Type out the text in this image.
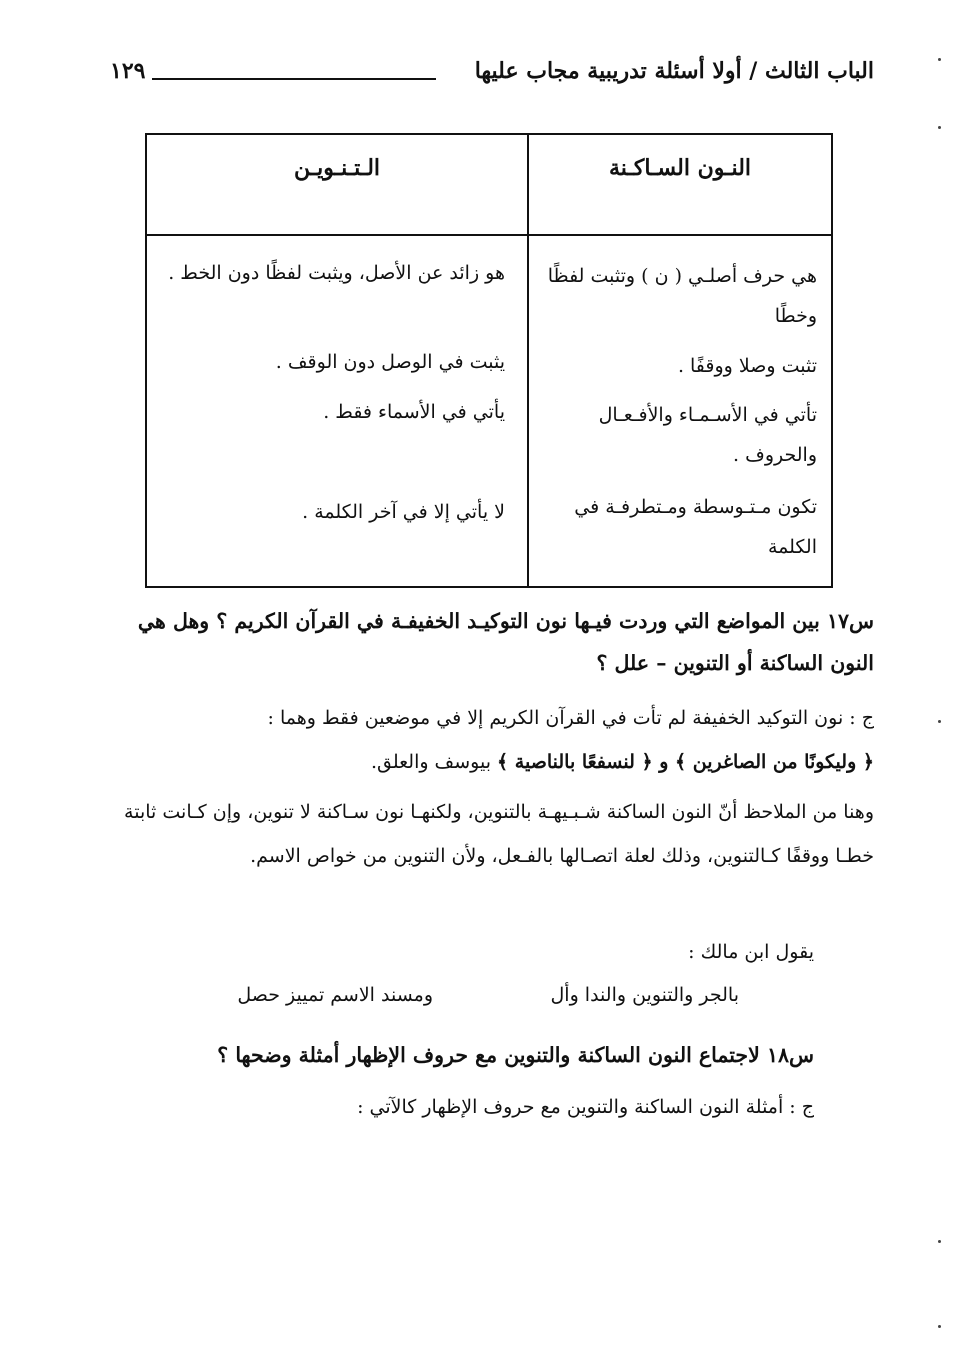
الباب الثالث / أولا أسئلة تدريبية مجاب عليها
١٢٩
النـون السـاكـنة
الـتـنـويـن
هي حرف أصلـي ( ن ) وتثبت لفظًا وخطًا
هو زائد عن الأصل، ويثبت لفظًا دون الخط .
تثبت وصلا ووقفًا .
يثبت في الوصل دون الوقف .
تأتي في الأسـمـاء والأفـعـال والحروف .
يأتي في الأسماء فقط .
تكون مـتـوسطة ومـتطرفـة في الكلمة
لا يأتي إلا في آخر الكلمة .

س١٧ بين المواضع التي وردت فيـها نون التوكيـد الخفيفـة في القرآن الكريم ؟ وهل هي النون الساكنة أو التنوين – علل ؟

ج : نون التوكيد الخفيفة لم تأت في القرآن الكريم إلا في موضعين فقط وهما :

﴿ وليكونًا من الصاغرين ﴾ و ﴿ لنسفعًا بالناصية ﴾ بيوسف والعلق.

وهنا من الملاحظ أنّ النون الساكنة شـبـيهـة بالتنوين، ولكنهـا نون سـاكنة لا تنوين، وإن كـانت ثابتة خطـا ووقفًا كـالتنوين، وذلك لعلة اتصـالها بالفـعل، ولأن التنوين من خواص الاسم.

يقول ابن مالك :

بالجر والتنوين والندا وأل
ومسند الاسم تمييز حصل

س١٨ لاجتماع النون الساكنة والتنوين مع حروف الإظهار أمثلة وضحها ؟

ج : أمثلة النون الساكنة والتنوين مع حروف الإظهار كالآتي :
